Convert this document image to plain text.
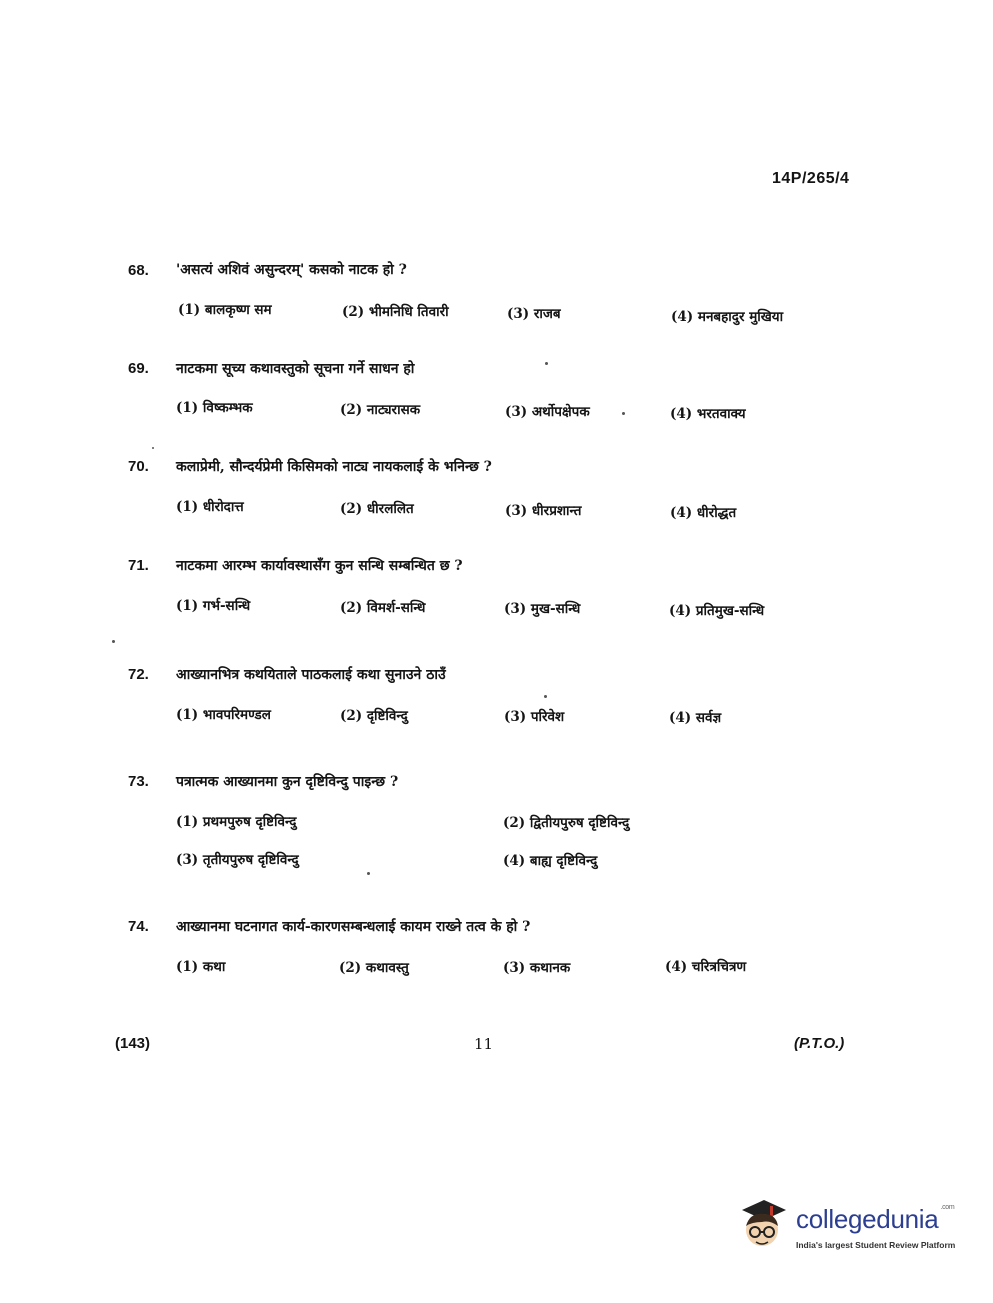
14P/265/4
68.	'असत्यं अशिवं असुन्दरम्' कसको नाटक हो ?
(1) बालकृष्ण सम	(2) भीमनिधि तिवारी	(3) राजब	(4) मनबहादुर मुखिया
69.	नाटकमा सूच्य कथावस्तुको सूचना गर्ने साधन हो
(1) विष्कम्भक	(2) नाट्यरासक	(3) अर्थोपक्षेपक	(4) भरतवाक्य
70.	कलाप्रेमी, सौन्दर्यप्रेमी किसिमको नाट्य नायकलाई के भनिन्छ ?
(1) धीरोदात्त	(2) धीरललित	(3) धीरप्रशान्त	(4) धीरोद्धत
71.	नाटकमा आरम्भ कार्यावस्थासँग कुन सन्धि सम्बन्धित छ ?
(1) गर्भ-सन्धि	(2) विमर्श-सन्धि	(3) मुख-सन्धि	(4) प्रतिमुख-सन्धि
72.	आख्यानभित्र कथयिताले पाठकलाई कथा सुनाउने ठाउँ
(1) भावपरिमण्डल	(2) दृष्टिविन्दु	(3) परिवेश	(4) सर्वज्ञ
73.	पत्रात्मक आख्यानमा कुन दृष्टिविन्दु पाइन्छ ?
(1) प्रथमपुरुष दृष्टिविन्दु	(2) द्वितीयपुरुष दृष्टिविन्दु
(3) तृतीयपुरुष दृष्टिविन्दु	(4) बाह्य दृष्टिविन्दु
74.	आख्यानमा घटनागत कार्य-कारणसम्बन्धलाई कायम राख्ने तत्व के हो ?
(1) कथा	(2) कथावस्तु	(3) कथानक	(4) चरित्रचित्रण
(143)	11	(P.T.O.)
collegedunia $^{.com}$
India's largest Student Review Platform
